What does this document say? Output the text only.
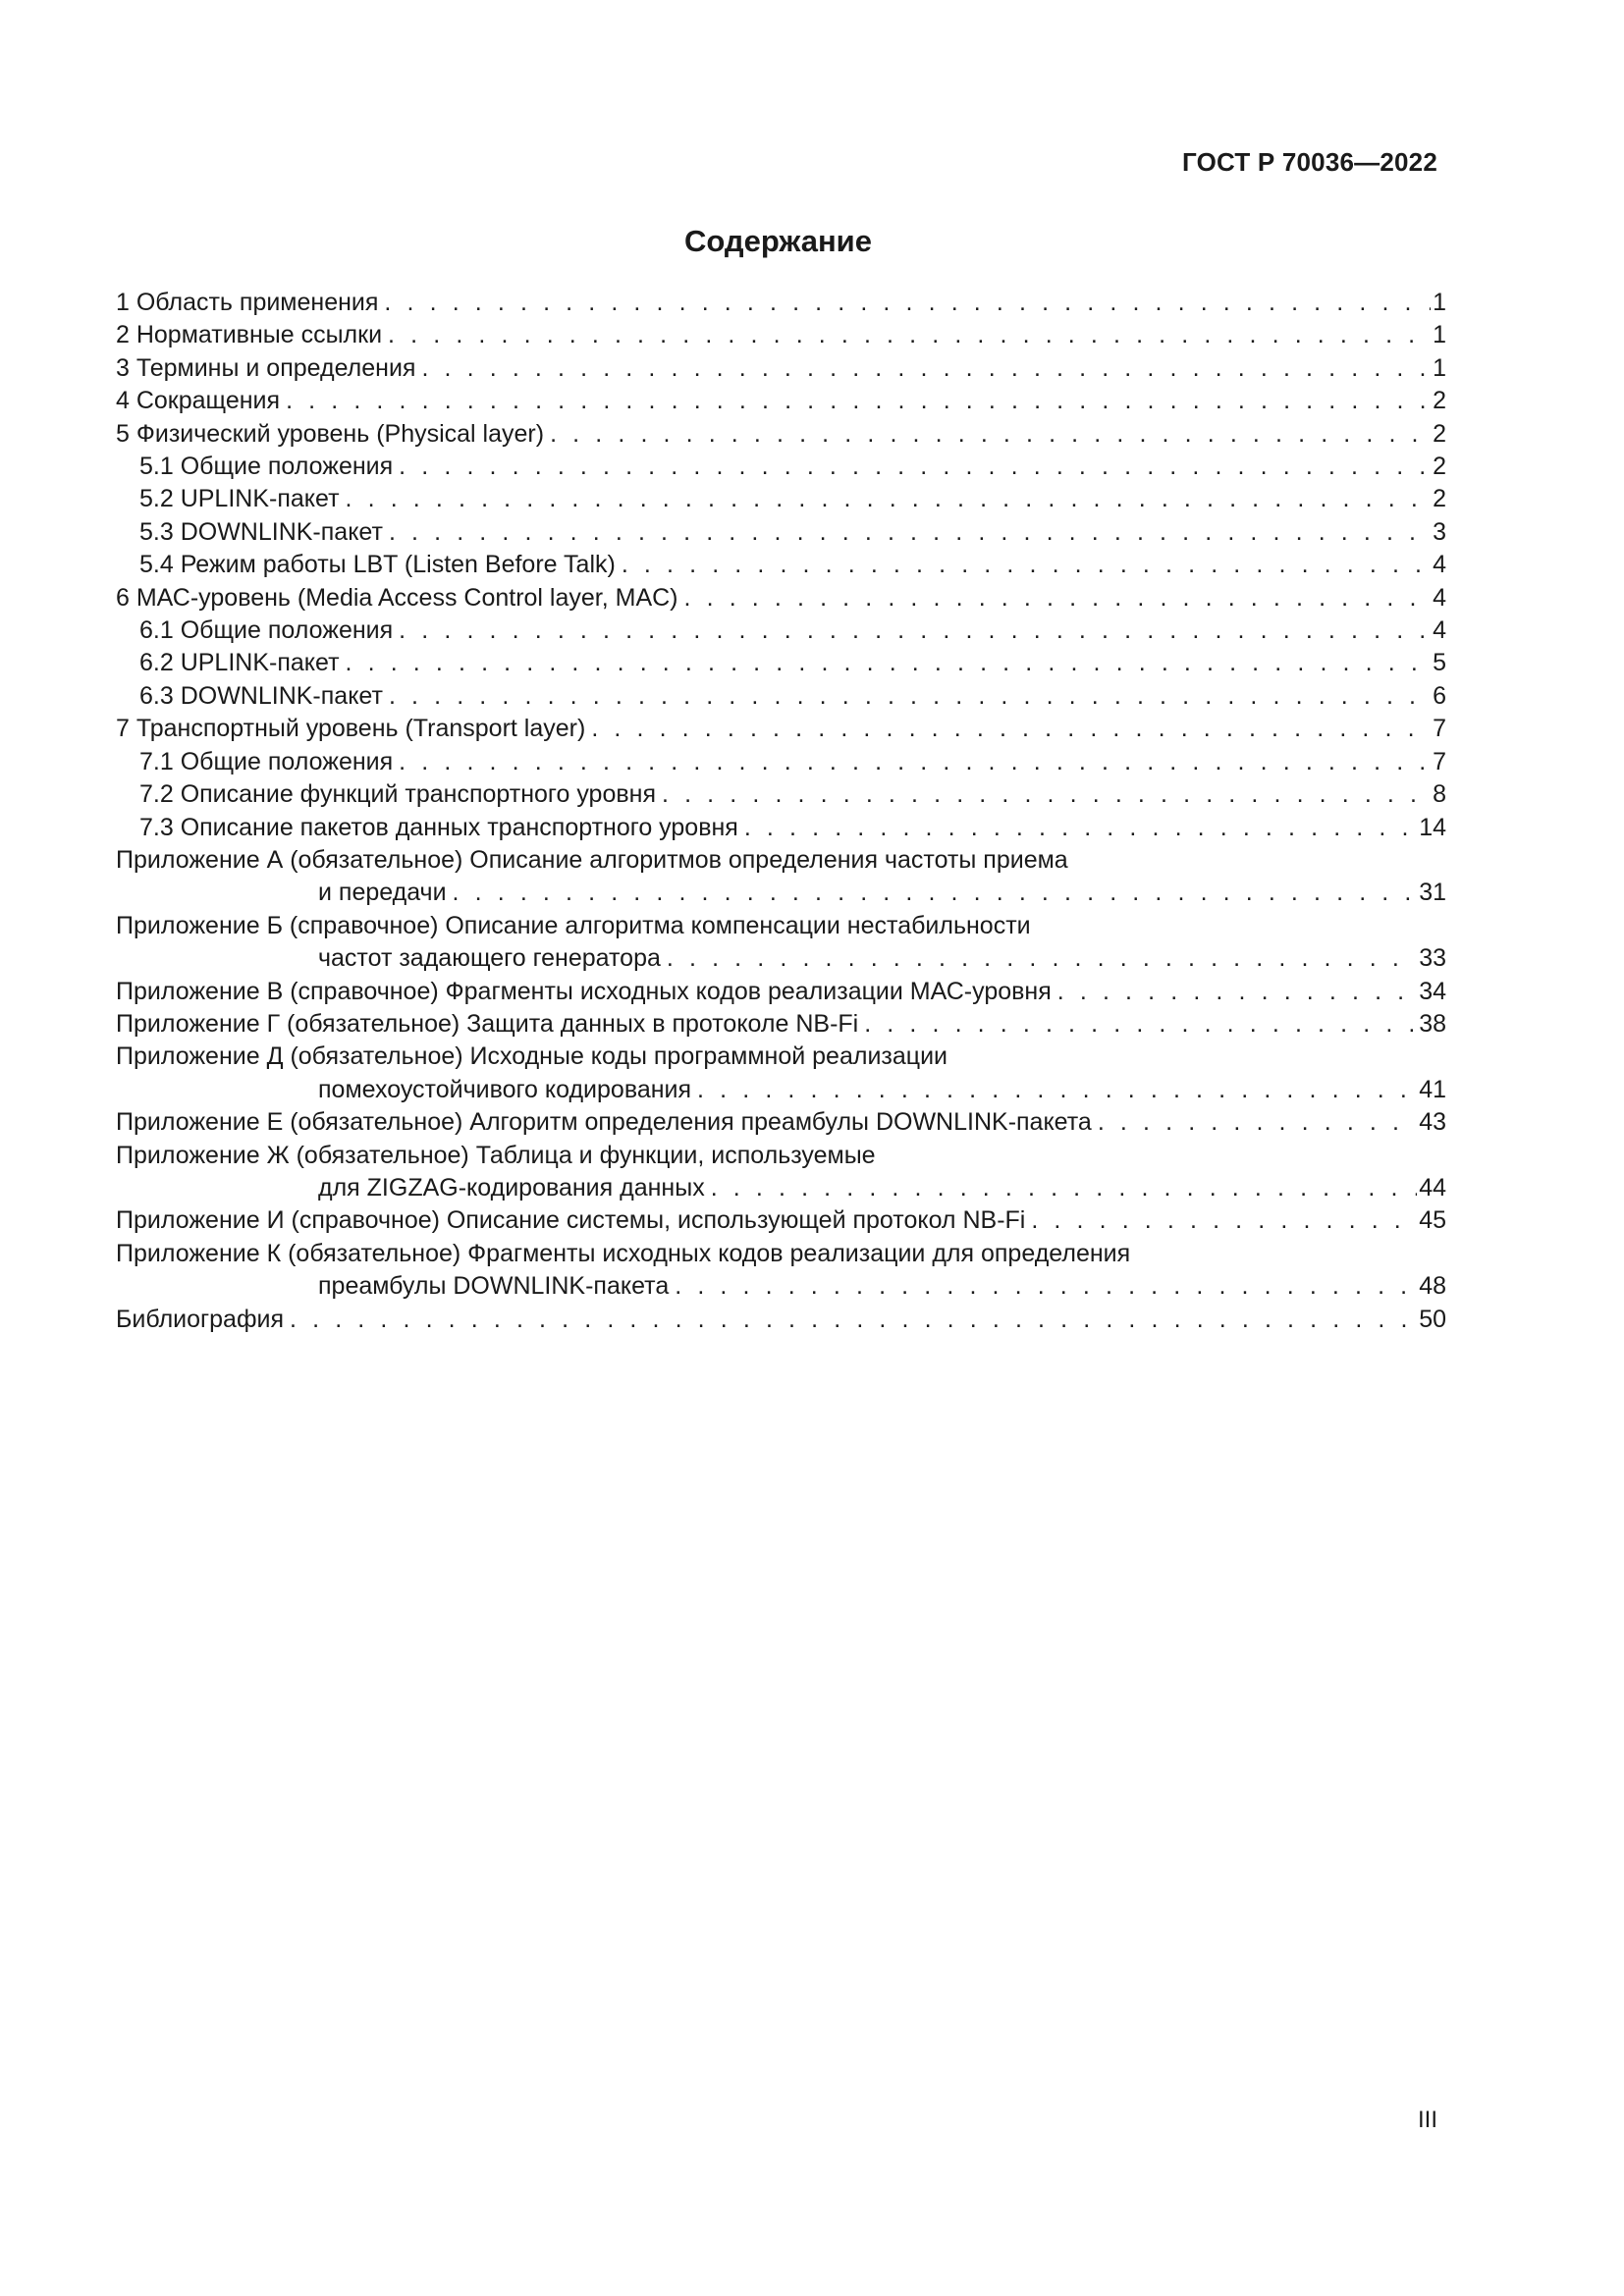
ГОСТ Р 70036—2022
Содержание
1 Область применения . . .	1
2 Нормативные ссылки . . .	1
3 Термины и определения . . .	1
4 Сокращения . . .	2
5 Физический уровень (Physical layer) . . .	2
5.1 Общие положения . . .	2
5.2 UPLINK-пакет . . .	2
5.3 DOWNLINK-пакет . . .	3
5.4 Режим работы LBT (Listen Before Talk) . . .	4
6 МАС-уровень (Media Access Control layer, MAC) . . .	4
6.1 Общие положения . . .	4
6.2 UPLINK-пакет . . .	5
6.3 DOWNLINK-пакет . . .	6
7 Транспортный уровень (Transport layer) . . .	7
7.1 Общие положения . . .	7
7.2 Описание функций транспортного уровня . . .	8
7.3 Описание пакетов данных транспортного уровня . . .	14
Приложение А (обязательное) Описание алгоритмов определения частоты приема
и передачи . . .	31
Приложение Б (справочное) Описание алгоритма компенсации нестабильности
частот задающего генератора . . .	33
Приложение В (справочное) Фрагменты исходных кодов реализации МАС-уровня . . .	34
Приложение Г (обязательное) Защита данных в протоколе NB-Fi . . .	38
Приложение Д (обязательное) Исходные коды программной реализации
помехоустойчивого кодирования . . .	41
Приложение Е (обязательное) Алгоритм определения преамбулы DOWNLINK-пакета . . .	43
Приложение Ж (обязательное) Таблица и функции, используемые
для ZIGZAG-кодирования данных . . .	44
Приложение И (справочное) Описание системы, использующей протокол NB-Fi . . .	45
Приложение К (обязательное) Фрагменты исходных кодов реализации для определения
преамбулы DOWNLINK-пакета . . .	48
Библиография . . .	50
III
